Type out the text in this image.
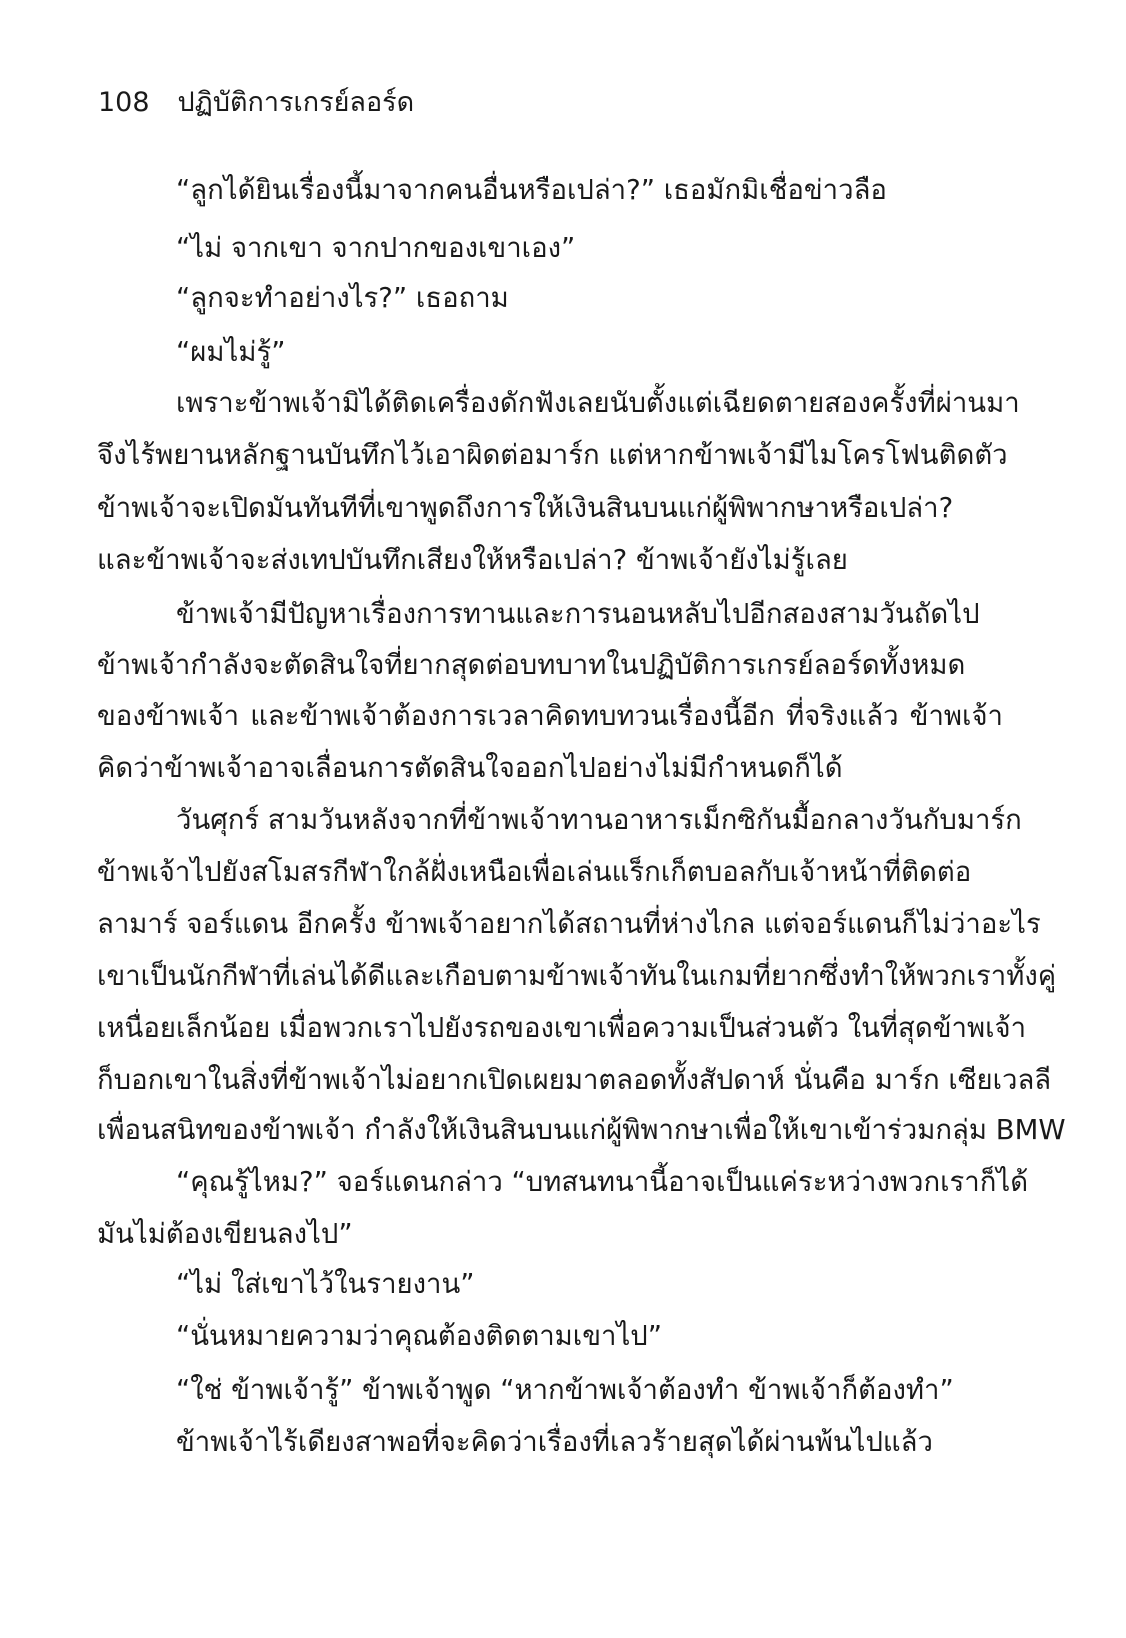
108 ปฏิบัติการเกรย์ลอร์ด
“ลูกได้ยินเรื่องนี้มาจากคนอื่นหรือเปล่า?” เธอมักมิเชื่อข่าวลือ
“ไม่ จากเขา จากปากของเขาเอง”
“ลูกจะทำอย่างไร?” เธอถาม
“ผมไม่รู้”
เพราะข้าพเจ้ามิได้ติดเครื่องดักฟังเลยนับตั้งแต่เฉียดตายสองครั้งที่ผ่านมา
จึงไร้พยานหลักฐานบันทึกไว้เอาผิดต่อมาร์ก แต่หากข้าพเจ้ามีไมโครโฟนติดตัว
ข้าพเจ้าจะเปิดมันทันทีที่เขาพูดถึงการให้เงินสินบนแก่ผู้พิพากษาหรือเปล่า?
และข้าพเจ้าจะส่งเทปบันทึกเสียงให้หรือเปล่า? ข้าพเจ้ายังไม่รู้เลย
ข้าพเจ้ามีปัญหาเรื่องการทานและการนอนหลับไปอีกสองสามวันถัดไป
ข้าพเจ้ากำลังจะตัดสินใจที่ยากสุดต่อบทบาทในปฏิบัติการเกรย์ลอร์ดทั้งหมด
ของข้าพเจ้า และข้าพเจ้าต้องการเวลาคิดทบทวนเรื่องนี้อีก ที่จริงแล้ว ข้าพเจ้า
คิดว่าข้าพเจ้าอาจเลื่อนการตัดสินใจออกไปอย่างไม่มีกำหนดก็ได้
วันศุกร์ สามวันหลังจากที่ข้าพเจ้าทานอาหารเม็กซิกันมื้อกลางวันกับมาร์ก
ข้าพเจ้าไปยังสโมสรกีฬาใกล้ฝั่งเหนือเพื่อเล่นแร็กเก็ตบอลกับเจ้าหน้าที่ติดต่อ
ลามาร์ จอร์แดน อีกครั้ง ข้าพเจ้าอยากได้สถานที่ห่างไกล แต่จอร์แดนก็ไม่ว่าอะไร
เขาเป็นนักกีฬาที่เล่นได้ดีและเกือบตามข้าพเจ้าทันในเกมที่ยากซึ่งทำให้พวกเราทั้งคู่
เหนื่อยเล็กน้อย เมื่อพวกเราไปยังรถของเขาเพื่อความเป็นส่วนตัว ในที่สุดข้าพเจ้า
ก็บอกเขาในสิ่งที่ข้าพเจ้าไม่อยากเปิดเผยมาตลอดทั้งสัปดาห์ นั่นคือ มาร์ก เซียเวลลี
เพื่อนสนิทของข้าพเจ้า กำลังให้เงินสินบนแก่ผู้พิพากษาเพื่อให้เขาเข้าร่วมกลุ่ม BMW
“คุณรู้ไหม?” จอร์แดนกล่าว “บทสนทนานี้อาจเป็นแค่ระหว่างพวกเราก็ได้
มันไม่ต้องเขียนลงไป”
“ไม่ ใส่เขาไว้ในรายงาน”
“นั่นหมายความว่าคุณต้องติดตามเขาไป”
“ใช่ ข้าพเจ้ารู้” ข้าพเจ้าพูด “หากข้าพเจ้าต้องทำ ข้าพเจ้าก็ต้องทำ”
ข้าพเจ้าไร้เดียงสาพอที่จะคิดว่าเรื่องที่เลวร้ายสุดได้ผ่านพ้นไปแล้ว
